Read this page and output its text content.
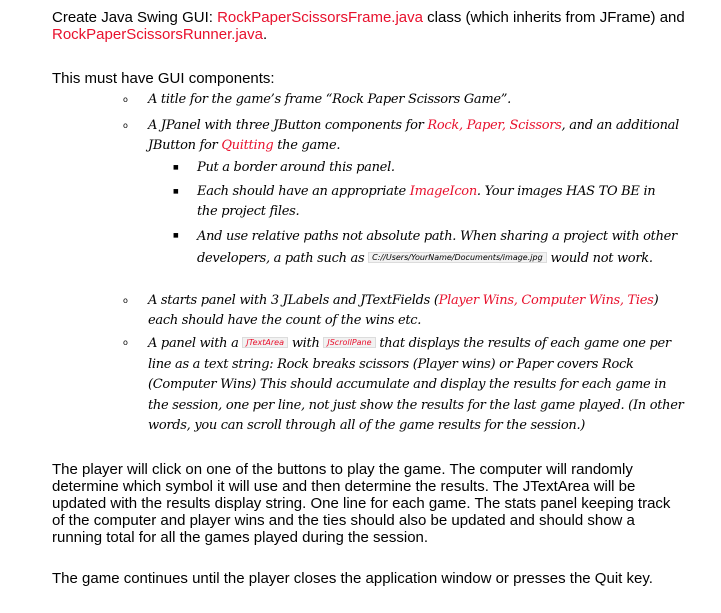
Create Java Swing GUI: RockPaperScissorsFrame.java class (which inherits from JFrame) and RockPaperScissorsRunner.java.
This must have GUI components:
o A title for the game’s frame “Rock Paper Scissors Game”.
o A JPanel with three JButton components for Rock, Paper, Scissors, and an additional JButton for Quitting the game.
■ Put a border around this panel.
■ Each should have an appropriate ImageIcon. Your images HAS TO BE in the project files.
■ And use relative paths not absolute path. When sharing a project with other developers, a path such as C://Users/YourName/Documents/image.jpg would not work.
o A starts panel with 3 JLabels and JTextFields (Player Wins, Computer Wins, Ties) each should have the count of the wins etc.
o A panel with a JTextArea with JScrollPane that displays the results of each game one per line as a text string: Rock breaks scissors (Player wins) or Paper covers Rock (Computer Wins) This should accumulate and display the results for each game in the session, one per line, not just show the results for the last game played. (In other words, you can scroll through all of the game results for the session.)
The player will click on one of the buttons to play the game. The computer will randomly determine which symbol it will use and then determine the results. The JTextArea will be updated with the results display string. One line for each game. The stats panel keeping track of the computer and player wins and the ties should also be updated and should show a running total for all the games played during the session.
The game continues until the player closes the application window or presses the Quit key.
